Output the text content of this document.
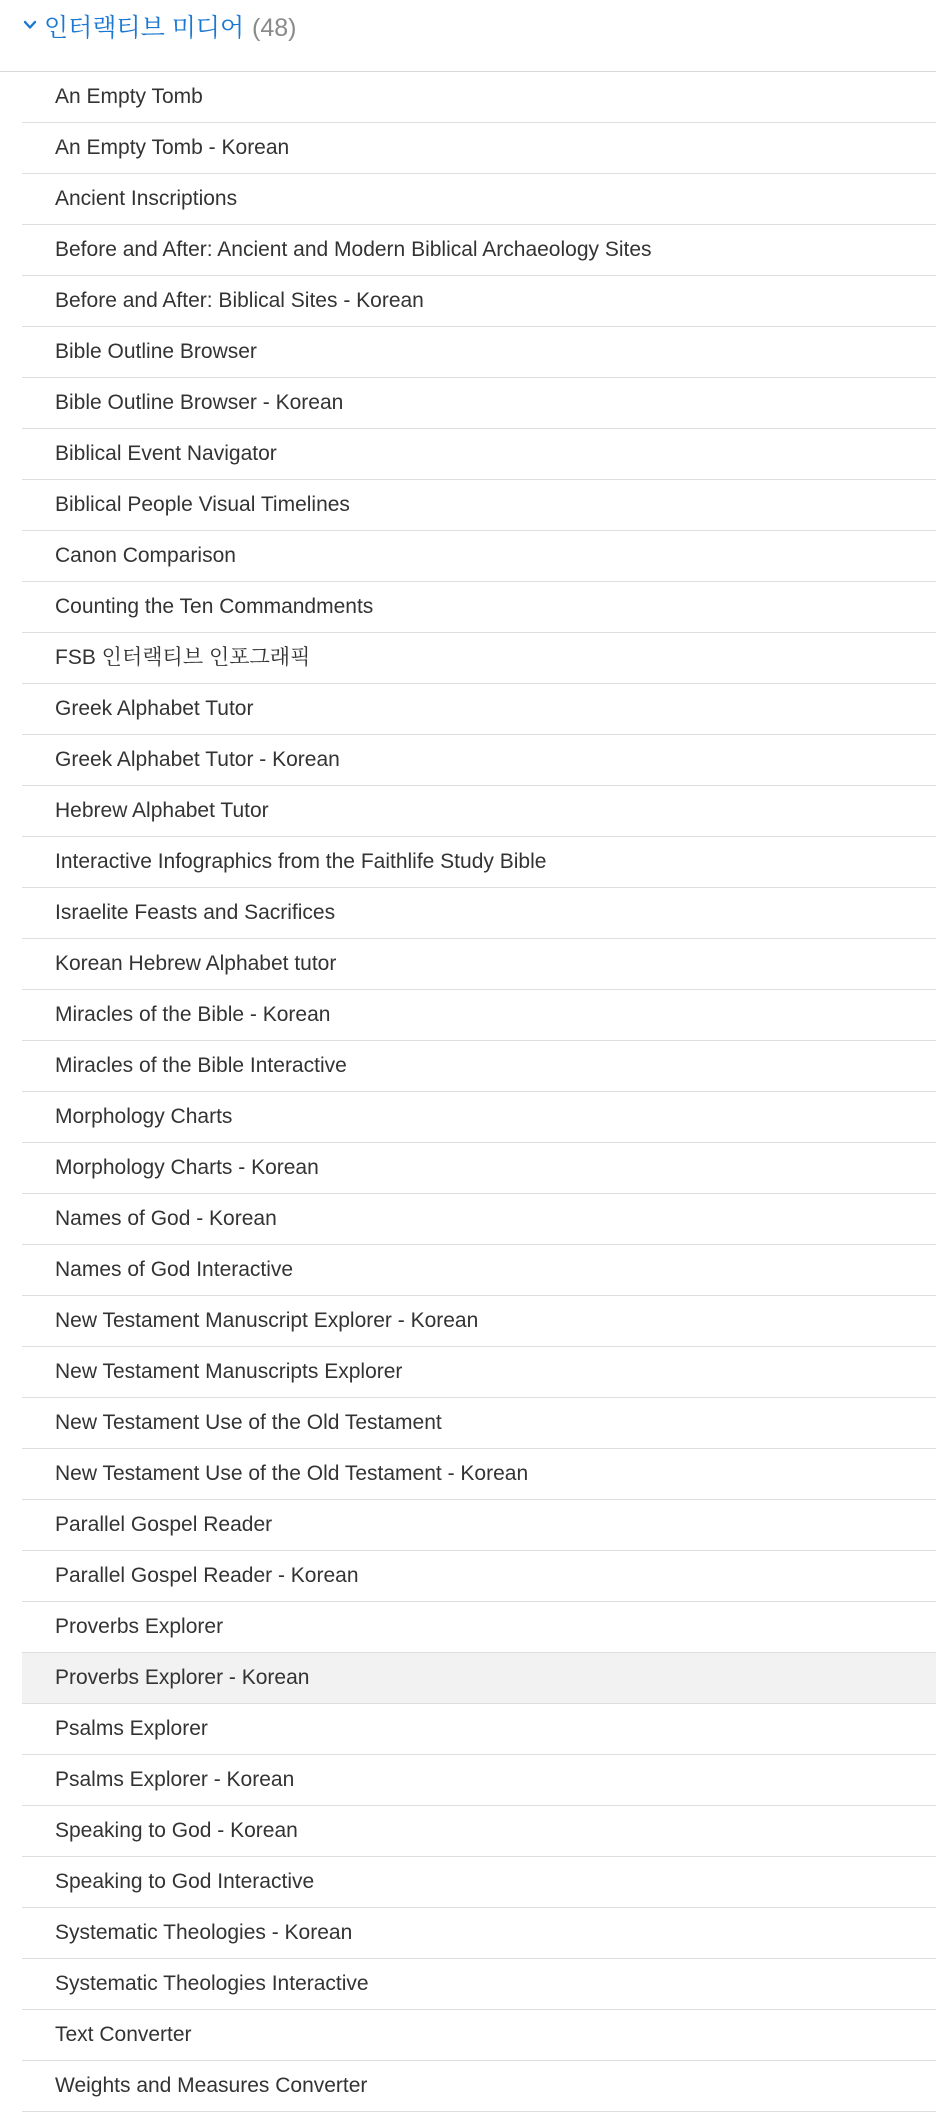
인터랙티브 미디어 (48)
An Empty Tomb
An Empty Tomb - Korean
Ancient Inscriptions
Before and After: Ancient and Modern Biblical Archaeology Sites
Before and After: Biblical Sites - Korean
Bible Outline Browser
Bible Outline Browser - Korean
Biblical Event Navigator
Biblical People Visual Timelines
Canon Comparison
Counting the Ten Commandments
FSB 인터랙티브 인포그래픽
Greek Alphabet Tutor
Greek Alphabet Tutor - Korean
Hebrew Alphabet Tutor
Interactive Infographics from the Faithlife Study Bible
Israelite Feasts and Sacrifices
Korean Hebrew Alphabet tutor
Miracles of the Bible - Korean
Miracles of the Bible Interactive
Morphology Charts
Morphology Charts - Korean
Names of God - Korean
Names of God Interactive
New Testament Manuscript Explorer - Korean
New Testament Manuscripts Explorer
New Testament Use of the Old Testament
New Testament Use of the Old Testament - Korean
Parallel Gospel Reader
Parallel Gospel Reader - Korean
Proverbs Explorer
Proverbs Explorer - Korean
Psalms Explorer
Psalms Explorer - Korean
Speaking to God - Korean
Speaking to God Interactive
Systematic Theologies - Korean
Systematic Theologies Interactive
Text Converter
Weights and Measures Converter
